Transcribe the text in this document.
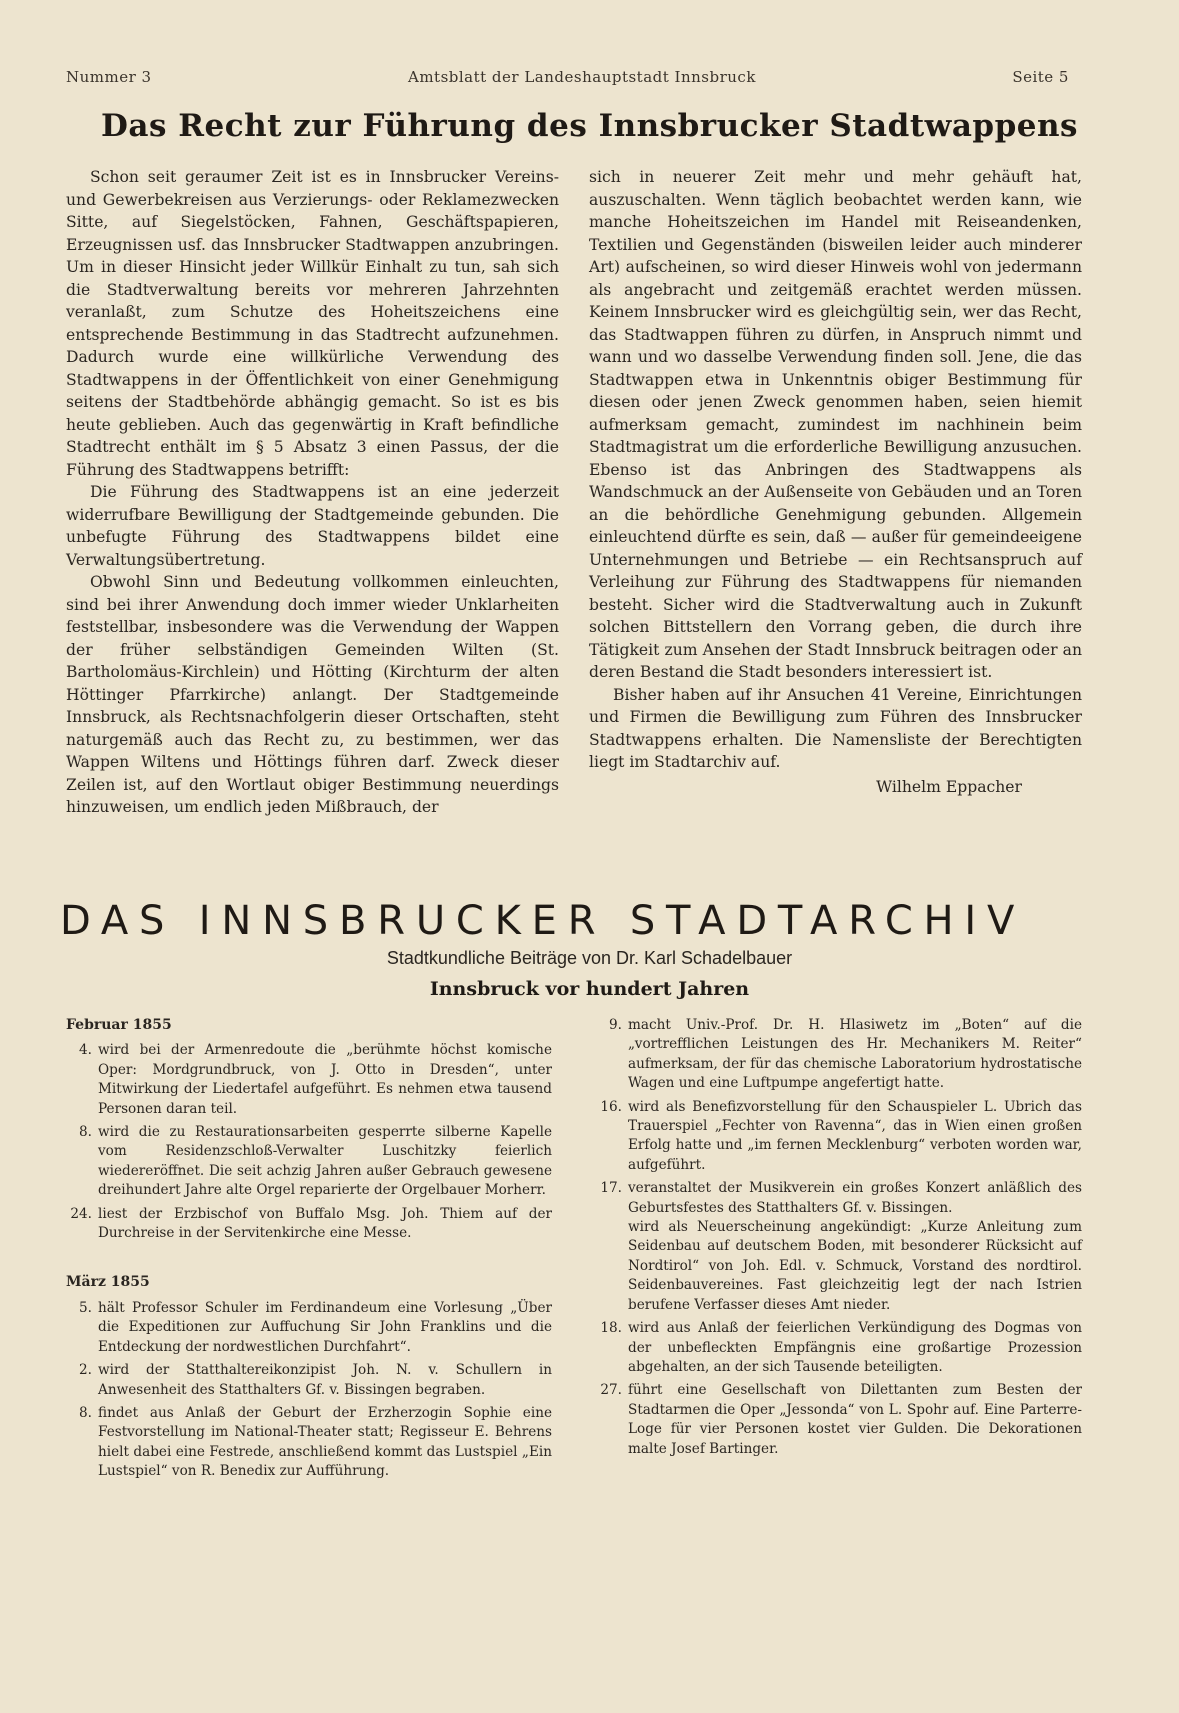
Nummer 3	Amtsblatt der Landeshauptstadt Innsbruck	Seite 5
Das Recht zur Führung des Innsbrucker Stadtwappens

Schon seit geraumer Zeit ist es in Innsbrucker Vereins- und Gewerbekreisen aus Verzierungs- oder Reklamezwecken Sitte, auf Siegelstöcken, Fahnen, Geschäftspapieren, Erzeugnissen usf. das Innsbrucker Stadtwappen anzubringen. Um in dieser Hinsicht jeder Willkür Einhalt zu tun, sah sich die Stadtverwaltung bereits vor mehreren Jahrzehnten veranlaßt, zum Schutze des Hoheitszeichens eine entsprechende Bestimmung in das Stadtrecht aufzunehmen. Dadurch wurde eine willkürliche Verwendung des Stadtwappens in der Öffentlichkeit von einer Genehmigung seitens der Stadtbehörde abhängig gemacht. So ist es bis heute geblieben. Auch das gegenwärtig in Kraft befindliche Stadtrecht enthält im § 5 Absatz 3 einen Passus, der die Führung des Stadtwappens betrifft:

Die Führung des Stadtwappens ist an eine jederzeit widerrufbare Bewilligung der Stadtgemeinde gebunden. Die unbefugte Führung des Stadtwappens bildet eine Verwaltungsübertretung.

Obwohl Sinn und Bedeutung vollkommen einleuchten, sind bei ihrer Anwendung doch immer wieder Unklarheiten feststellbar, insbesondere was die Verwendung der Wappen der früher selbständigen Gemeinden Wilten (St. Bartholomäus-Kirchlein) und Hötting (Kirchturm der alten Höttinger Pfarrkirche) anlangt. Der Stadtgemeinde Innsbruck, als Rechtsnachfolgerin dieser Ortschaften, steht naturgemäß auch das Recht zu, zu bestimmen, wer das Wappen Wiltens und Höttings führen darf. Zweck dieser Zeilen ist, auf den Wortlaut obiger Bestimmung neuerdings hinzuweisen, um endlich jeden Mißbrauch, der

sich in neuerer Zeit mehr und mehr gehäuft hat, auszuschalten. Wenn täglich beobachtet werden kann, wie manche Hoheitszeichen im Handel mit Reiseandenken, Textilien und Gegenständen (bisweilen leider auch minderer Art) aufscheinen, so wird dieser Hinweis wohl von jedermann als angebracht und zeitgemäß erachtet werden müssen. Keinem Innsbrucker wird es gleichgültig sein, wer das Recht, das Stadtwappen führen zu dürfen, in Anspruch nimmt und wann und wo dasselbe Verwendung finden soll. Jene, die das Stadtwappen etwa in Unkenntnis obiger Bestimmung für diesen oder jenen Zweck genommen haben, seien hiemit aufmerksam gemacht, zumindest im nachhinein beim Stadtmagistrat um die erforderliche Bewilligung anzusuchen. Ebenso ist das Anbringen des Stadtwappens als Wandschmuck an der Außenseite von Gebäuden und an Toren an die behördliche Genehmigung gebunden. Allgemein einleuchtend dürfte es sein, daß — außer für gemeindeeigene Unternehmungen und Betriebe — ein Rechtsanspruch auf Verleihung zur Führung des Stadtwappens für niemanden besteht. Sicher wird die Stadtverwaltung auch in Zukunft solchen Bittstellern den Vorrang geben, die durch ihre Tätigkeit zum Ansehen der Stadt Innsbruck beitragen oder an deren Bestand die Stadt besonders interessiert ist.

Bisher haben auf ihr Ansuchen 41 Vereine, Einrichtungen und Firmen die Bewilligung zum Führen des Innsbrucker Stadtwappens erhalten. Die Namensliste der Berechtigten liegt im Stadtarchiv auf.

Wilhelm Eppacher

DAS INNSBRUCKER STADTARCHIV
Stadtkundliche Beiträge von Dr. Karl Schadelbauer
Innsbruck vor hundert Jahren
Februar 1855
4. wird bei der Armenredoute die „berühmte höchst komische Oper: Mordgrundbruck, von J. Otto in Dresden“, unter Mitwirkung der Liedertafel aufgeführt. Es nehmen etwa tausend Personen daran teil.
8. wird die zu Restaurationsarbeiten gesperrte silberne Kapelle vom Residenzschloß-Verwalter Luschitzky feierlich wiedereröffnet. Die seit achzig Jahren außer Gebrauch gewesene dreihundert Jahre alte Orgel reparierte der Orgelbauer Morherr.
24. liest der Erzbischof von Buffalo Msg. Joh. Thiem auf der Durchreise in der Servitenkirche eine Messe.
März 1855
5. hält Professor Schuler im Ferdinandeum eine Vorlesung „Über die Expeditionen zur Auffuchung Sir John Franklins und die Entdeckung der nordwestlichen Durchfahrt“.
2. wird der Statthaltereikonzipist Joh. N. v. Schullern in Anwesenheit des Statthalters Gf. v. Bissingen begraben.
8. findet aus Anlaß der Geburt der Erzherzogin Sophie eine Festvorstellung im National-Theater statt; Regisseur E. Behrens hielt dabei eine Festrede, anschließend kommt das Lustspiel „Ein Lustspiel“ von R. Benedix zur Aufführung.
9. macht Univ.-Prof. Dr. H. Hlasiwetz im „Boten“ auf die „vortrefflichen Leistungen des Hr. Mechanikers M. Reiter“ aufmerksam, der für das chemische Laboratorium hydrostatische Wagen und eine Luftpumpe angefertigt hatte.

16. wird als Benefizvorstellung für den Schauspieler L. Ubrich das Trauerspiel „Fechter von Ravenna“, das in Wien einen großen Erfolg hatte und „im fernen Mecklenburg“ verboten worden war, aufgeführt.

17. veranstaltet der Musikverein ein großes Konzert anläßlich des Geburtsfestes des Statthalters Gf. v. Bissingen.

wird als Neuerscheinung angekündigt: „Kurze Anleitung zum Seidenbau auf deutschem Boden, mit besonderer Rücksicht auf Nordtirol“ von Joh. Edl. v. Schmuck, Vorstand des nordtirol. Seidenbauvereines. Fast gleichzeitig legt der nach Istrien berufene Verfasser dieses Amt nieder.

18. wird aus Anlaß der feierlichen Verkündigung des Dogmas von der unbefleckten Empfängnis eine großartige Prozession abgehalten, an der sich Tausende beteiligten.

27. führt eine Gesellschaft von Dilettanten zum Besten der Stadtarmen die Oper „Jessonda“ von L. Spohr auf. Eine Parterre-Loge für vier Personen kostet vier Gulden. Die Dekorationen malte Josef Bartinger.
